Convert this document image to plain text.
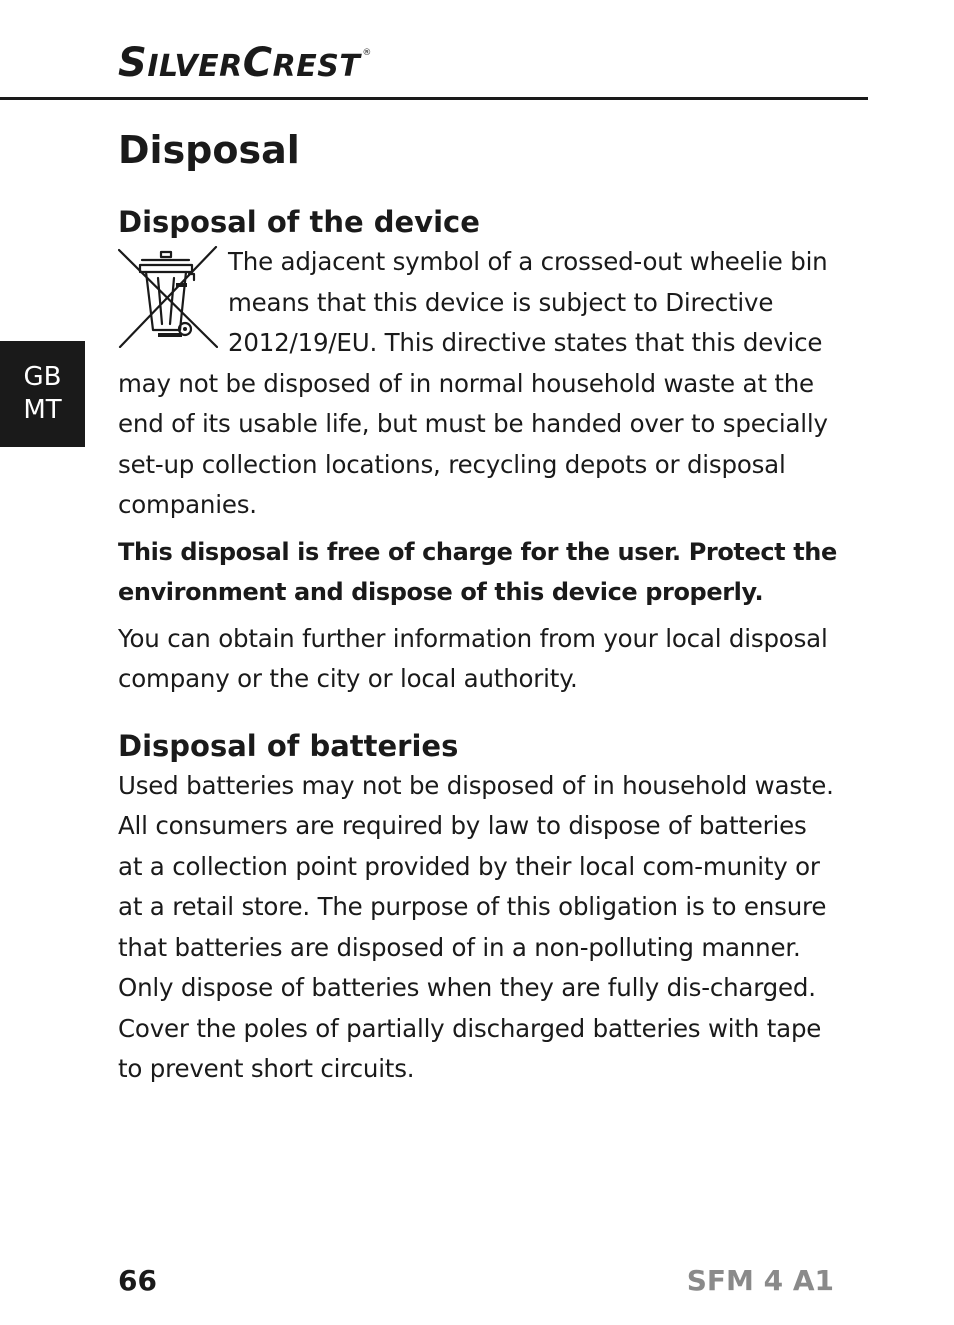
SILVERCREST ®
GB
MT
Disposal
Disposal of the device

The adjacent symbol of a crossed-out wheelie bin means that this device is subject to Directive 2012/19/EU. This directive states that this device may not be disposed of in normal household waste at the end of its usable life, but must be handed over to specially set-up collection locations, recycling depots or disposal companies.

This disposal is free of charge for the user. Protect the environment and dispose of this device properly.

You can obtain further information from your local disposal company or the city or local authority.

Disposal of batteries

Used batteries may not be disposed of in household waste. All consumers are required by law to dispose of batteries at a collection point provided by their local com-munity or at a retail store. The purpose of this obligation is to ensure that batteries are disposed of in a non-polluting manner. Only dispose of batteries when they are fully dis-charged. Cover the poles of partially discharged batteries with tape to prevent short circuits.

66	SFM 4 A1
